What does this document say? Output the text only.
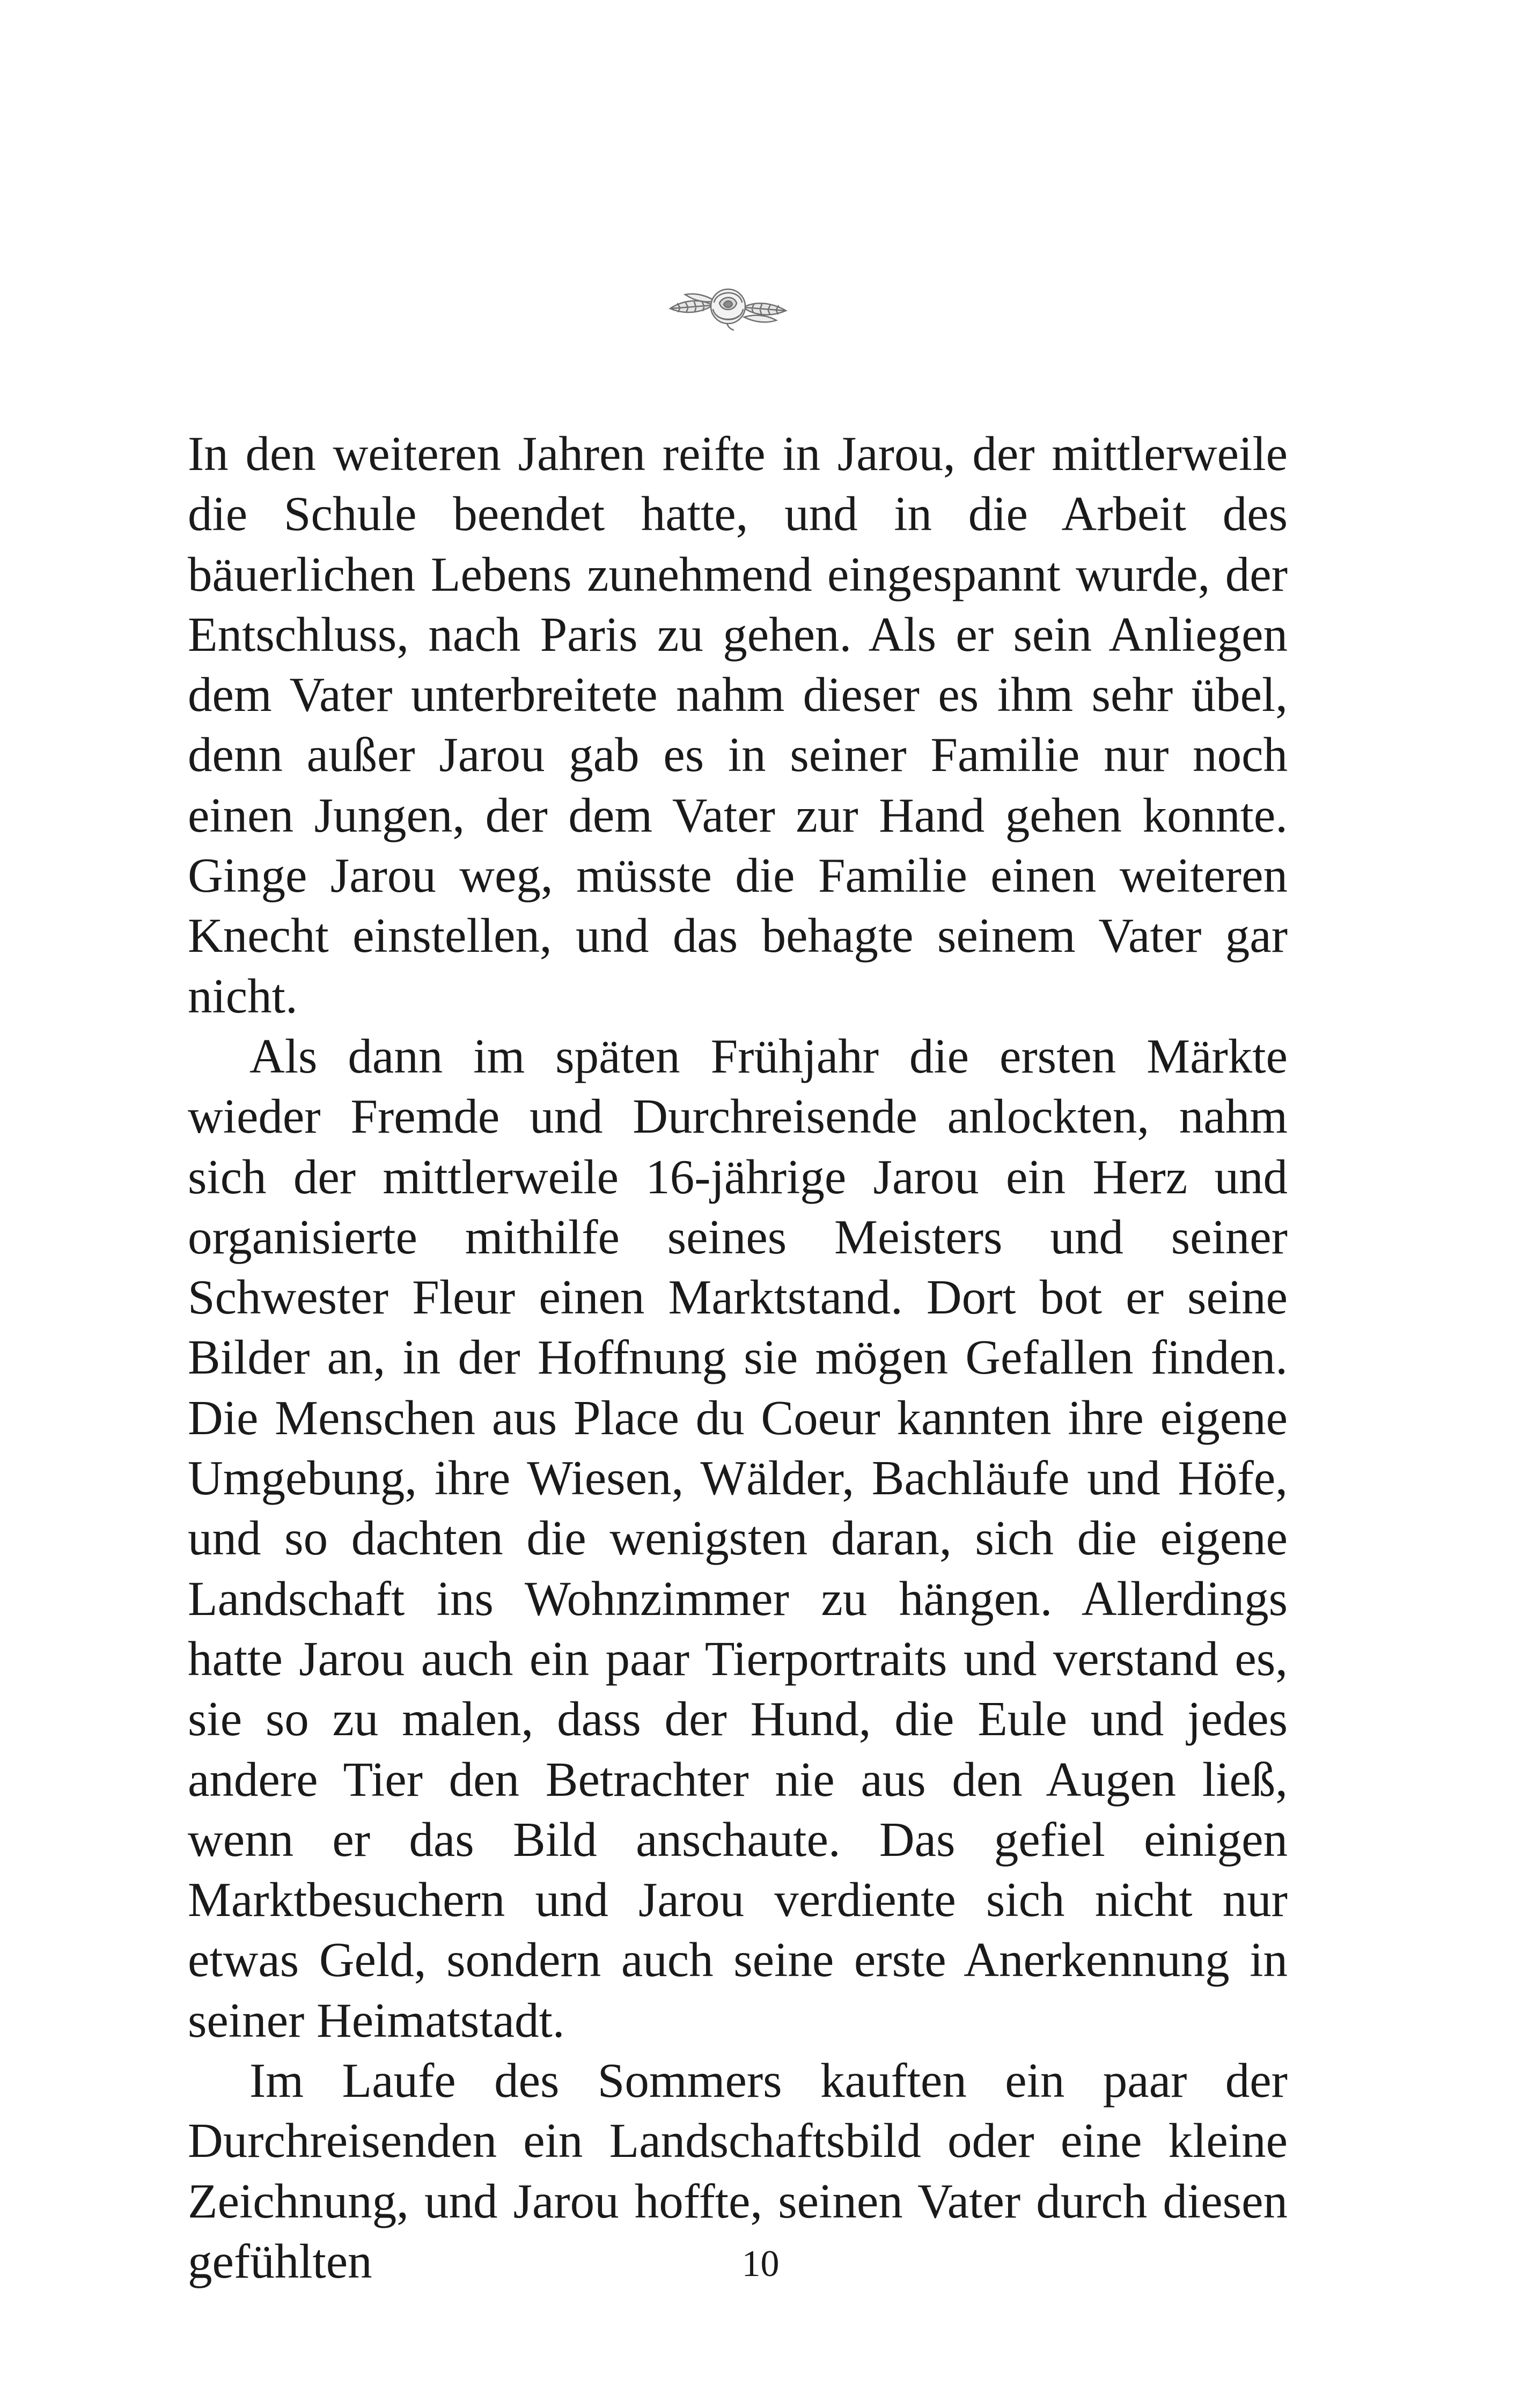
In den weiteren Jahren reifte in Jarou, der mittlerweile die Schule beendet hatte, und in die Arbeit des bäuerlichen Lebens zunehmend eingespannt wurde, der Entschluss, nach Paris zu gehen. Als er sein Anliegen dem Vater unterbreitete nahm dieser es ihm sehr übel, denn außer Jarou gab es in seiner Familie nur noch einen Jungen, der dem Vater zur Hand gehen konnte. Ginge Jarou weg, müsste die Familie einen weiteren Knecht einstellen, und das behagte seinem Vater gar nicht.

Als dann im späten Frühjahr die ersten Märkte wieder Fremde und Durchreisende anlockten, nahm sich der mittlerweile 16-jährige Jarou ein Herz und organisierte mithilfe seines Meisters und seiner Schwester Fleur einen Marktstand. Dort bot er seine Bilder an, in der Hoffnung sie mögen Gefallen finden. Die Menschen aus Place du Coeur kannten ihre eigene Umgebung, ihre Wiesen, Wälder, Bachläufe und Höfe, und so dachten die wenigsten daran, sich die eigene Landschaft ins Wohnzimmer zu hängen. Allerdings hatte Jarou auch ein paar Tierportraits und verstand es, sie so zu malen, dass der Hund, die Eule und jedes andere Tier den Betrachter nie aus den Augen ließ, wenn er das Bild anschaute. Das gefiel einigen Marktbesuchern und Jarou verdiente sich nicht nur etwas Geld, sondern auch seine erste Anerkennung in seiner Heimatstadt.

Im Laufe des Sommers kauften ein paar der Durchreisenden ein Landschaftsbild oder eine kleine Zeichnung, und Jarou hoffte, seinen Vater durch diesen gefühlten	10
